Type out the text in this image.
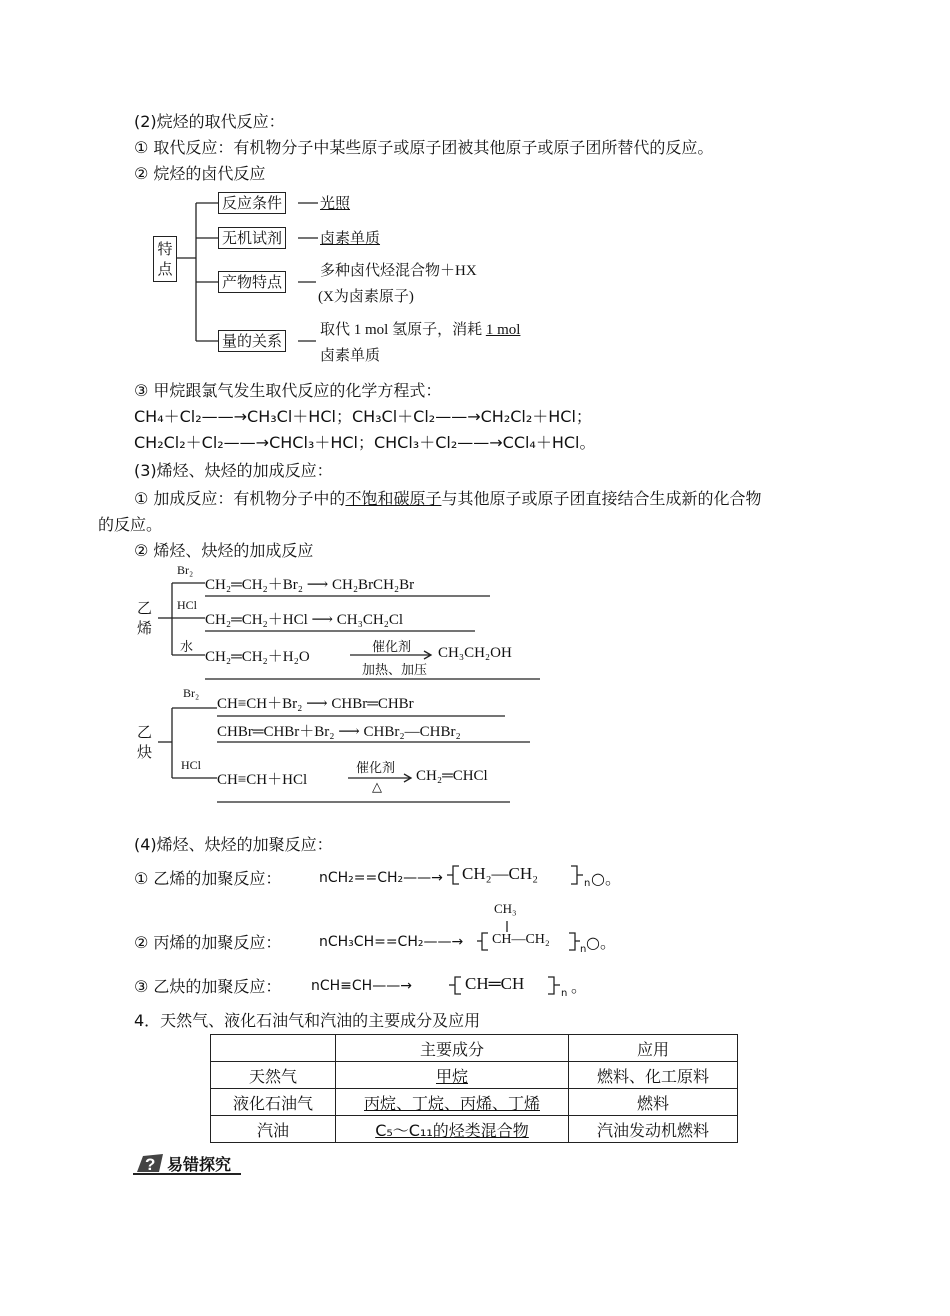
(2)烷烃的取代反应：
① 取代反应：有机物分子中某些原子或原子团被其他原子或原子团所替代的反应。
② 烷烃的卤代反应
特点
反应条件	光照
无机试剂	卤素单质
产物特点
多种卤代烃混合物＋HX
(X为卤素原子)
量的关系
取代 1 mol 氢原子，消耗 1 mol
卤素单质
③ 甲烷跟氯气发生取代反应的化学方程式：
CH₄＋Cl₂——→CH₃Cl＋HCl；CH₃Cl＋Cl₂——→CH₂Cl₂＋HCl；
CH₂Cl₂＋Cl₂——→CHCl₃＋HCl；CHCl₃＋Cl₂——→CCl₄＋HCl。
(3)烯烃、炔烃的加成反应：
① 加成反应：有机物分子中的不饱和碳原子与其他原子或原子团直接结合生成新的化合物
的反应。
② 烯烃、炔烃的加成反应
乙烯
Br₂
CH₂═CH₂＋Br₂ ⟶ CH₂BrCH₂Br
HCl
CH₂═CH₂＋HCl ⟶ CH₃CH₂Cl
水
CH₂═CH₂＋H₂O
催化剂
加热、加压
CH₃CH₂OH
乙炔
Br₂
CH≡CH＋Br₂ ⟶ CHBr═CHBr
CHBr═CHBr＋Br₂ ⟶ CHBr₂—CHBr₂
HCl
CH≡CH＋HCl
催化剂
△
CH₂═CHCl
(4)烯烃、炔烃的加聚反应：
① 乙烯的加聚反应：	nCH₂==CH₂——→ CH₂—CH₂
n ○。
CH₃
② 丙烯的加聚反应：	nCH₃CH==CH₂——→ CH—CH₂
n ○。
③ 乙炔的加聚反应： nCH≡CH——→	CH═CH
n 。
4．天然气、液化石油气和汽油的主要成分及应用
	主要成分	应用
天然气	甲烷	燃料、化工原料
液化石油气	丙烷、丁烷、丙烯、丁烯	燃料
汽油	C₅～C₁₁的烃类混合物	汽油发动机燃料
? 易错探究
